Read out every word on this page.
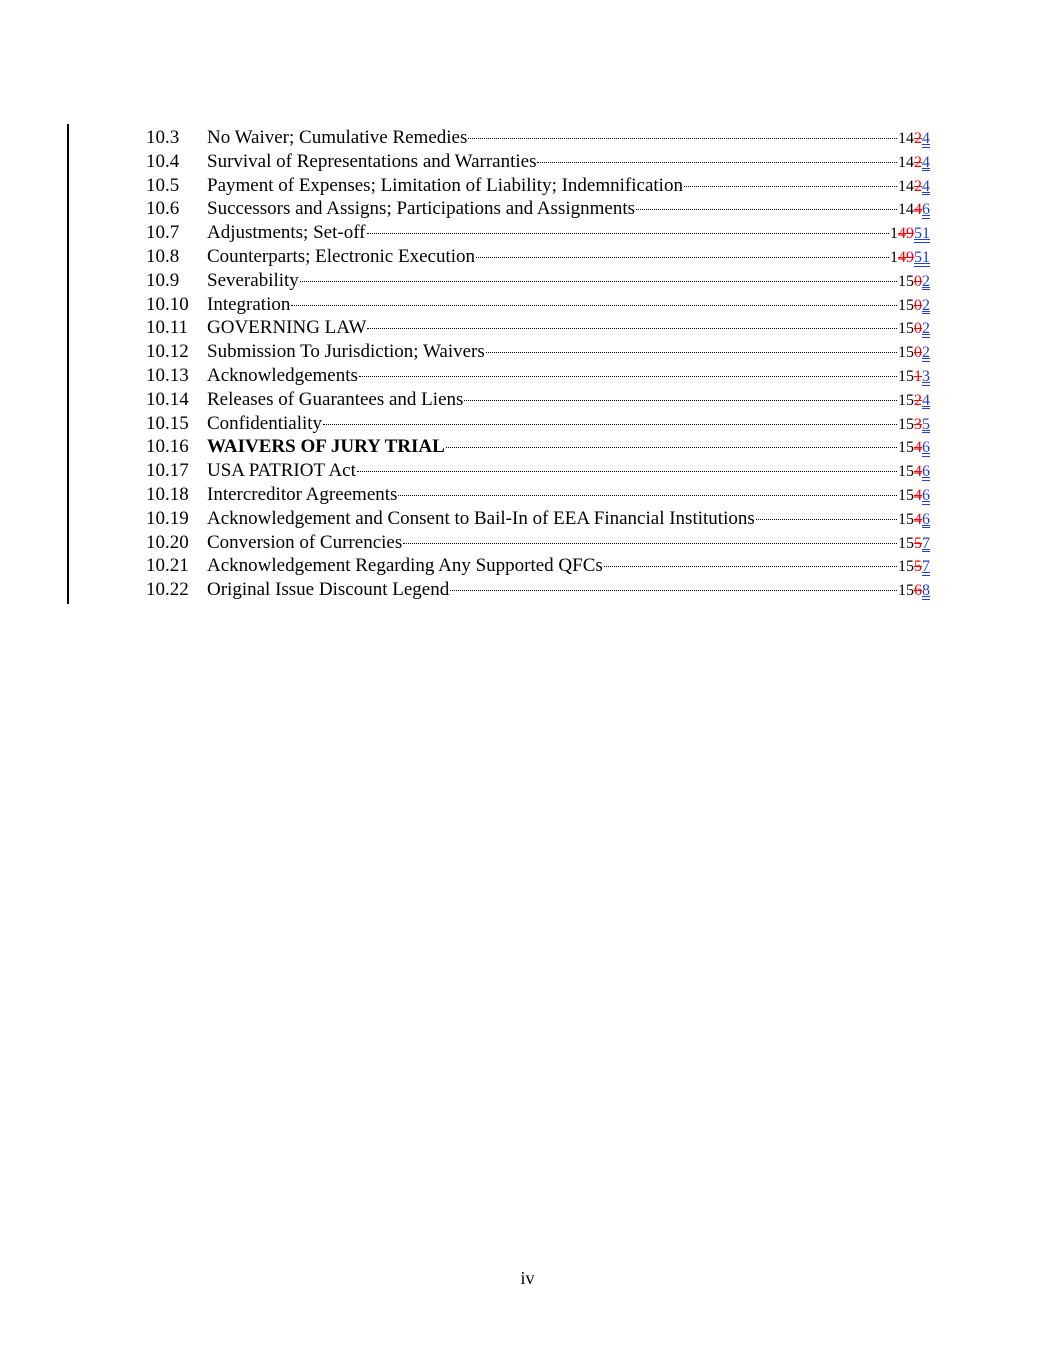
10.3	No Waiver; Cumulative Remedies	1424
10.4	Survival of Representations and Warranties	1424
10.5	Payment of Expenses; Limitation of Liability; Indemnification	1424
10.6	Successors and Assigns; Participations and Assignments	1446
10.7	Adjustments; Set-off	14951
10.8	Counterparts; Electronic Execution	14951
10.9	Severability	1502
10.10 Integration	1502
10.11 GOVERNING LAW	1502
10.12 Submission To Jurisdiction; Waivers	1502
10.13 Acknowledgements	1513
10.14 Releases of Guarantees and Liens	1524
10.15 Confidentiality	1535
10.16 WAIVERS OF JURY TRIAL	1546
10.17 USA PATRIOT Act	1546
10.18 Intercreditor Agreements	1546
10.19 Acknowledgement and Consent to Bail-In of EEA Financial Institutions	1546
10.20 Conversion of Currencies	1557
10.21 Acknowledgement Regarding Any Supported QFCs	1557
10.22 Original Issue Discount Legend	1568
iv
